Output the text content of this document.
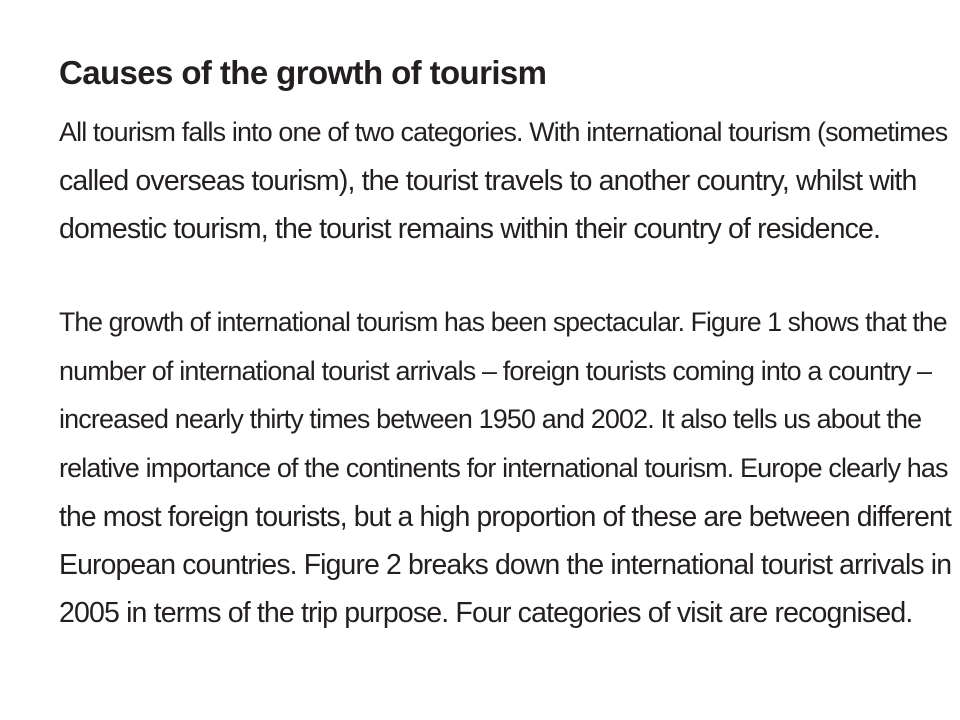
Causes of the growth of tourism

All tourism falls into one of two categories. With international tourism (sometimes
called overseas tourism), the tourist travels to another country, whilst with
domestic tourism, the tourist remains within their country of residence.

The growth of international tourism has been spectacular. Figure 1 shows that the
number of international tourist arrivals – foreign tourists coming into a country –
increased nearly thirty times between 1950 and 2002. It also tells us about the
relative importance of the continents for international tourism. Europe clearly has
the most foreign tourists, but a high proportion of these are between different
European countries. Figure 2 breaks down the international tourist arrivals in
2005 in terms of the trip purpose. Four categories of visit are recognised.
